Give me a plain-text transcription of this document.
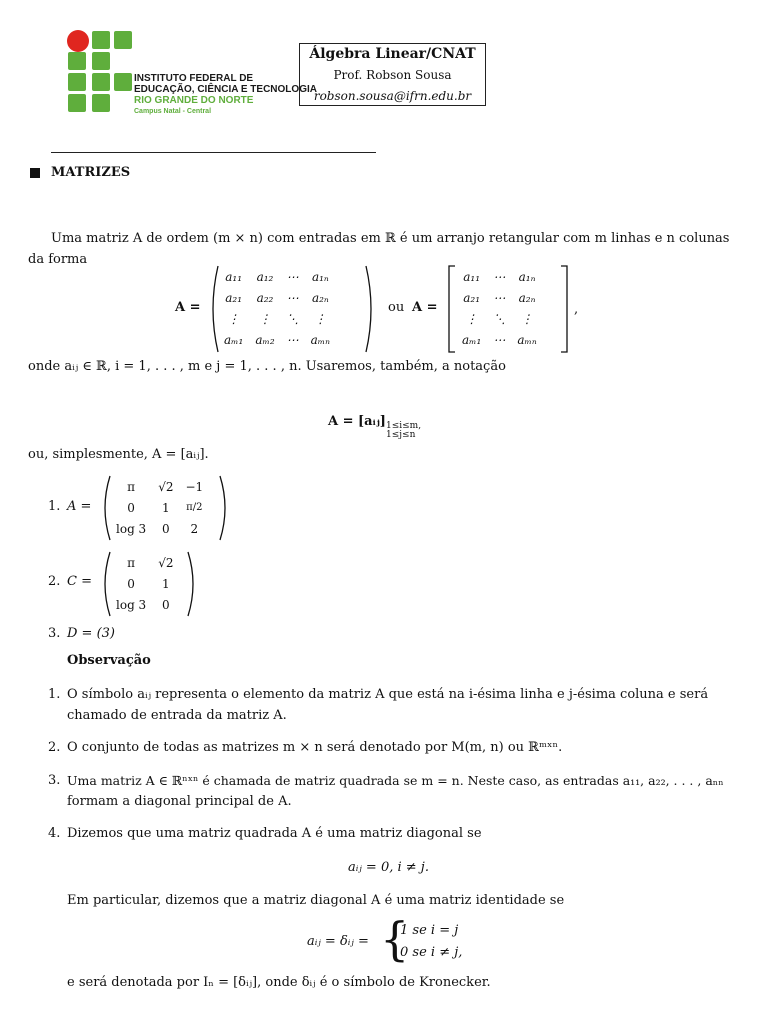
INSTITUTO FEDERAL DE
EDUCAÇÃO, CIÊNCIA E TECNOLOGIA
RIO GRANDE DO NORTE
Campus Natal - Central
Álgebra Linear/CNAT
Prof. Robson Sousa
robson.sousa@ifrn.edu.br
MATRIZES
Uma matriz A de ordem (m × n) com entradas em ℝ é um arranjo retangular com m linhas e n colunas
da forma
A =
a₁₁	a₁₂	⋯	a₁ₙ
a₂₁	a₂₂	⋯	a₂ₙ
⋮	⋮	⋱	⋮
aₘ₁	aₘ₂	⋯	aₘₙ
ou A =
a₁₁	⋯	a₁ₙ
a₂₁	⋯	a₂ₙ
⋮	⋱	⋮
aₘ₁	⋯	aₘₙ
,
onde aᵢⱼ ∈ ℝ, i = 1, . . . , m e j = 1, . . . , n. Usaremos, também, a notação
A = [aᵢⱼ] 1≤i≤m,
1≤j≤n
ou, simplesmente, A = [aᵢⱼ].
1. A =
π	√2	−1
0	1	π/2
log 3	0	2
2. C =
π	√2
0	1
log 3	0
3. D = (3)
Observação
1. O símbolo aᵢⱼ representa o elemento da matriz A que está na i-ésima linha e j-ésima coluna e será
chamado de entrada da matriz A.
2. O conjunto de todas as matrizes m × n será denotado por M(m, n) ou ℝᵐˣⁿ.
3. Uma matriz A ∈ ℝⁿˣⁿ é chamada de matriz quadrada se m = n. Neste caso, as entradas a₁₁, a₂₂, . . . , aₙₙ
formam a diagonal principal de A.
4. Dizemos que uma matriz quadrada A é uma matriz diagonal se
aᵢⱼ = 0, i ≠ j.
Em particular, dizemos que a matriz diagonal A é uma matriz identidade se
aᵢⱼ = δᵢⱼ = {
1 se i = j
0 se i ≠ j,
e será denotada por Iₙ = [δᵢⱼ], onde δᵢⱼ é o símbolo de Kronecker.
